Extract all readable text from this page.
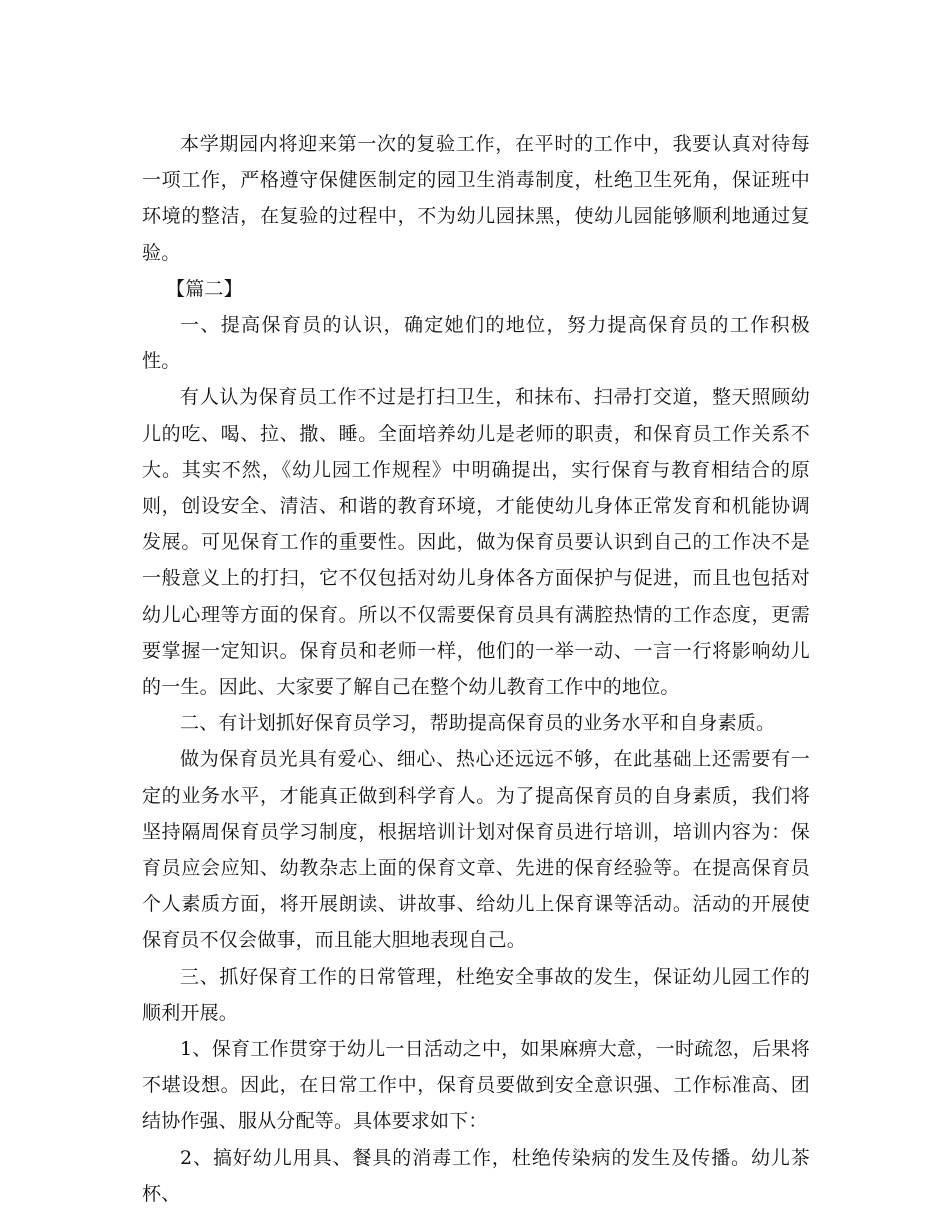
本学期园内将迎来第一次的复验工作，在平时的工作中，我要认真对待每一项工作，严格遵守保健医制定的园卫生消毒制度，杜绝卫生死角，保证班中环境的整洁，在复验的过程中，不为幼儿园抹黑，使幼儿园能够顺利地通过复验。

【篇二】

一、提高保育员的认识，确定她们的地位，努力提高保育员的工作积极性。

有人认为保育员工作不过是打扫卫生，和抹布、扫帚打交道，整天照顾幼儿的吃、喝、拉、撒、睡。全面培养幼儿是老师的职责，和保育员工作关系不大。其实不然，《幼儿园工作规程》中明确提出，实行保育与教育相结合的原则，创设安全、清洁、和谐的教育环境，才能使幼儿身体正常发育和机能协调发展。可见保育工作的重要性。因此，做为保育员要认识到自己的工作决不是一般意义上的打扫，它不仅包括对幼儿身体各方面保护与促进，而且也包括对幼儿心理等方面的保育。所以不仅需要保育员具有满腔热情的工作态度，更需要掌握一定知识。保育员和老师一样，他们的一举一动、一言一行将影响幼儿的一生。因此、大家要了解自己在整个幼儿教育工作中的地位。

二、有计划抓好保育员学习，帮助提高保育员的业务水平和自身素质。

做为保育员光具有爱心、细心、热心还远远不够，在此基础上还需要有一定的业务水平，才能真正做到科学育人。为了提高保育员的自身素质，我们将坚持隔周保育员学习制度，根据培训计划对保育员进行培训，培训内容为：保育员应会应知、幼教杂志上面的保育文章、先进的保育经验等。在提高保育员个人素质方面，将开展朗读、讲故事、给幼儿上保育课等活动。活动的开展使保育员不仅会做事，而且能大胆地表现自己。

三、抓好保育工作的日常管理，杜绝安全事故的发生，保证幼儿园工作的顺利开展。

1、保育工作贯穿于幼儿一日活动之中，如果麻痹大意，一时疏忽，后果将不堪设想。因此，在日常工作中，保育员要做到安全意识强、工作标准高、团结协作强、服从分配等。具体要求如下：

2、搞好幼儿用具、餐具的消毒工作，杜绝传染病的发生及传播。幼儿茶杯、
